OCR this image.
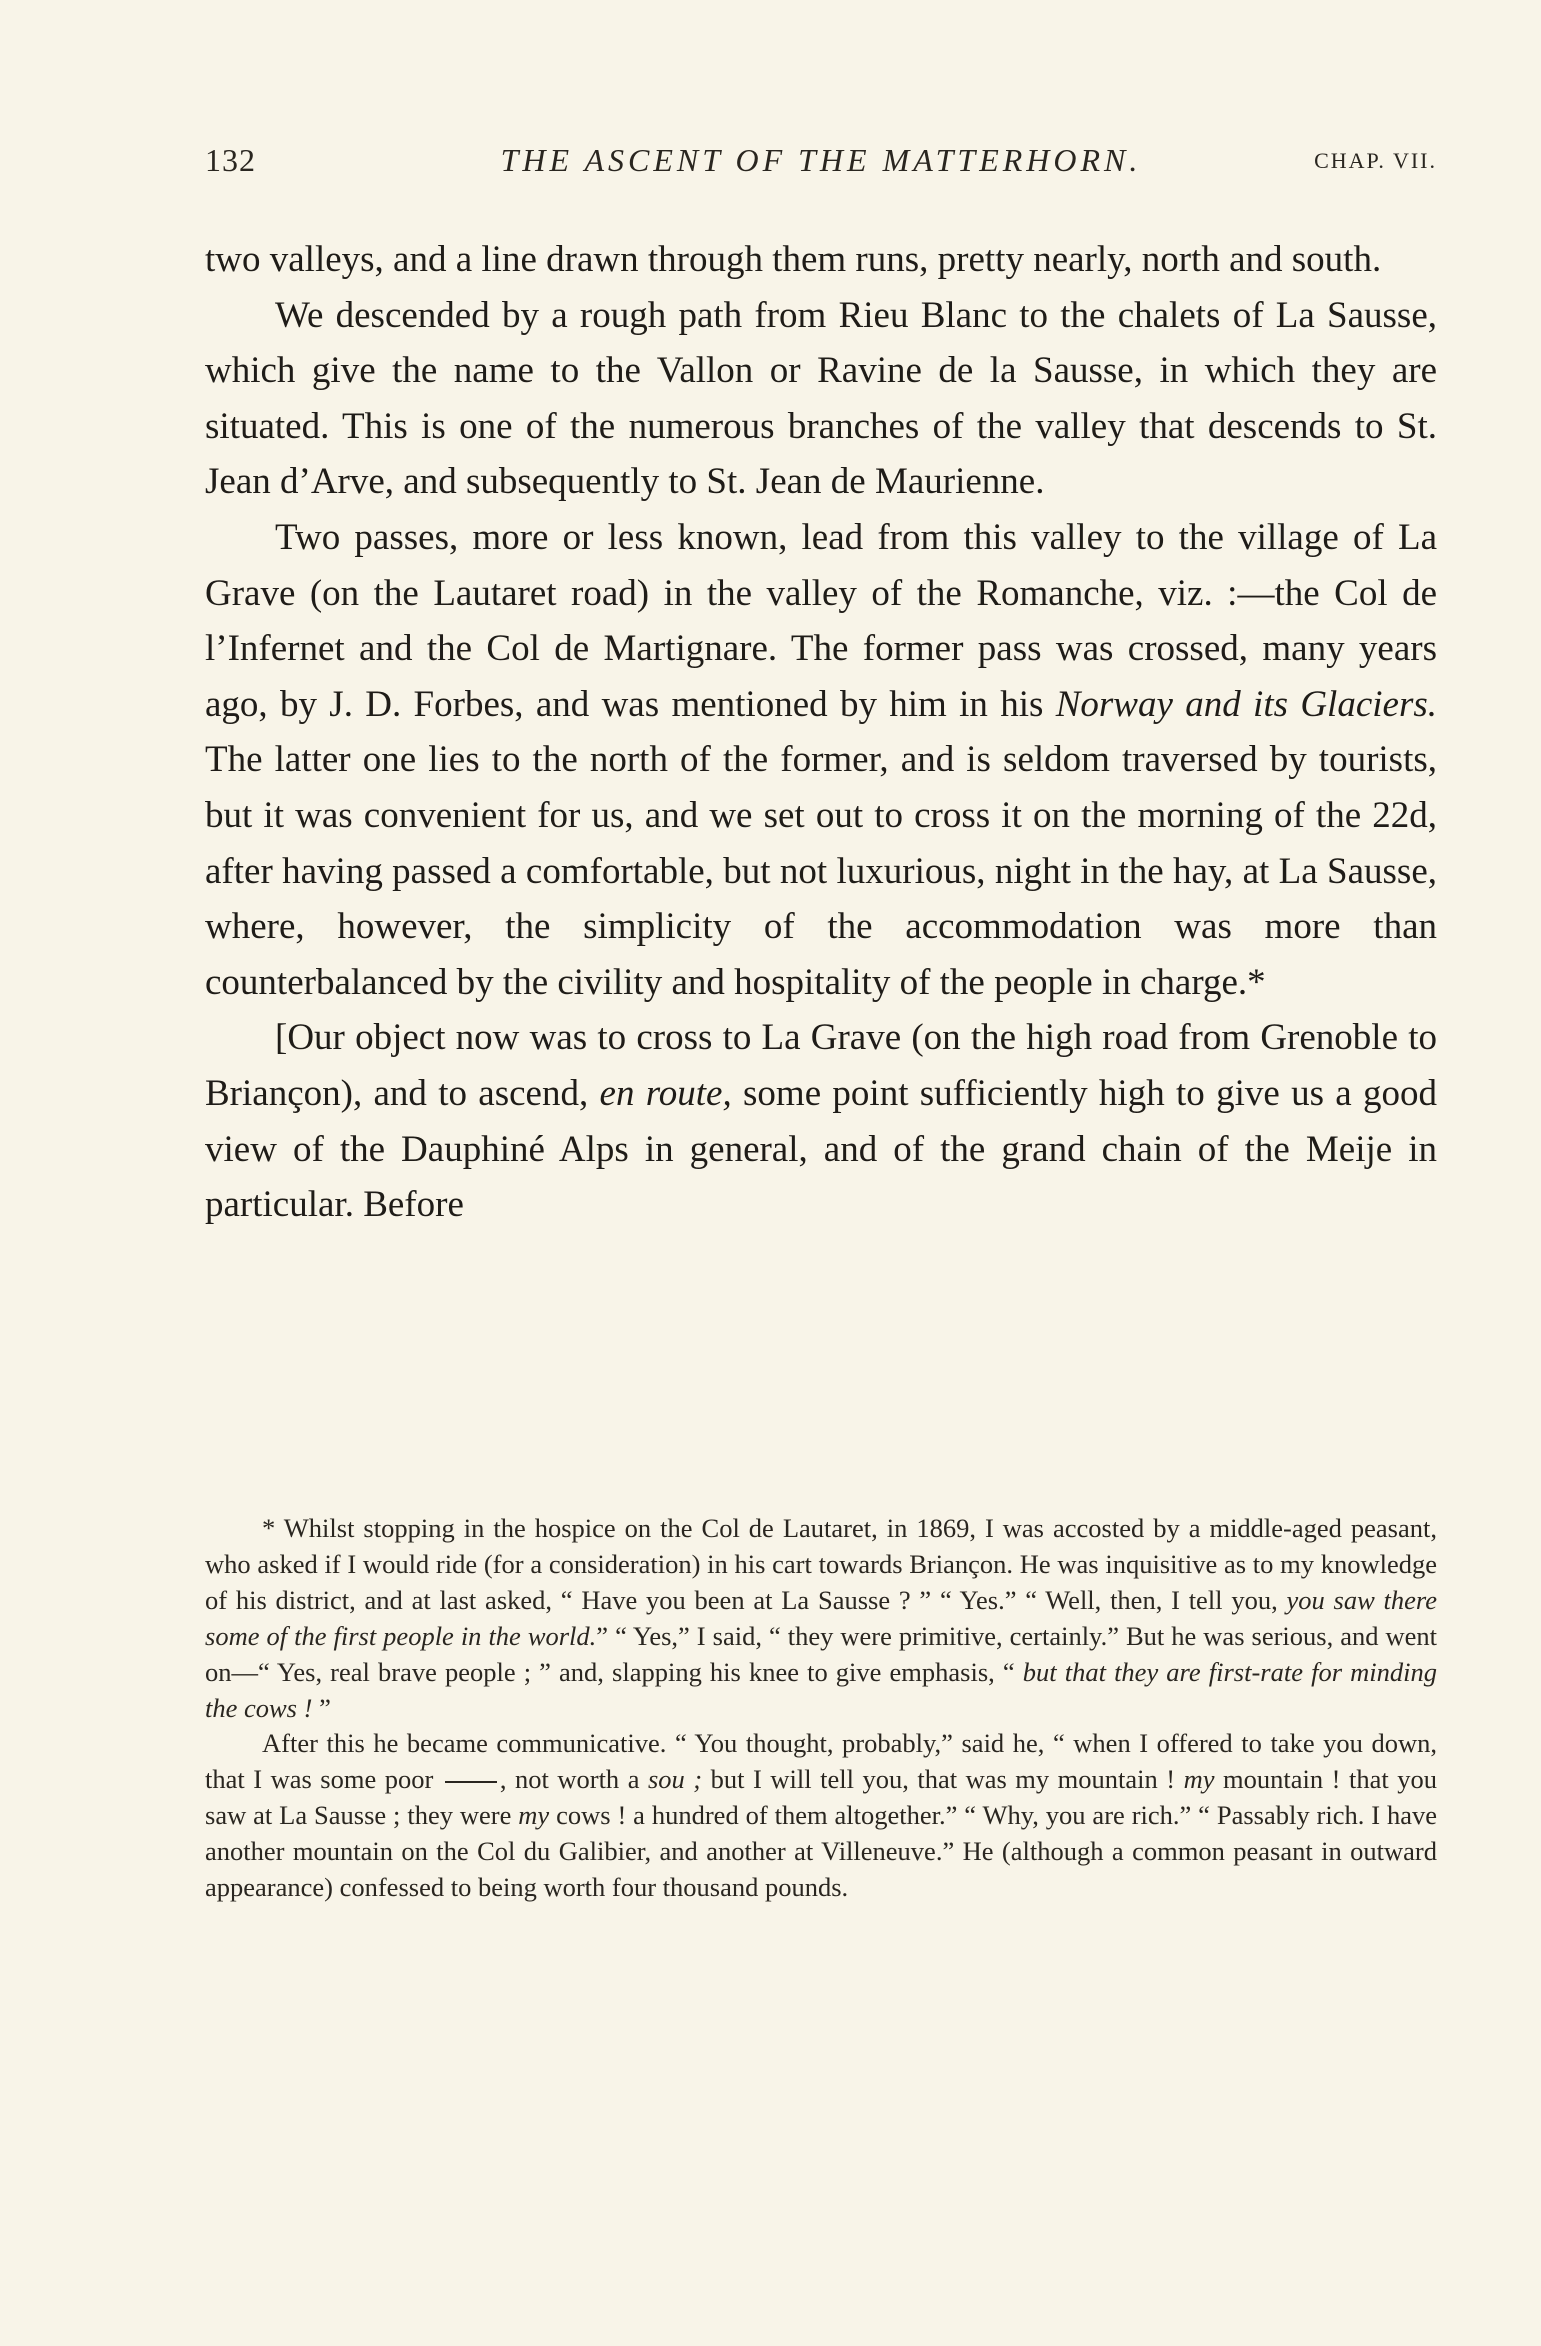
132	THE ASCENT OF THE MATTERHORN.	CHAP. VII.

two valleys, and a line drawn through them runs, pretty nearly, north and south.

We descended by a rough path from Rieu Blanc to the chalets of La Sausse, which give the name to the Vallon or Ravine de la Sausse, in which they are situated. This is one of the numerous branches of the valley that descends to St. Jean d’Arve, and subsequently to St. Jean de Maurienne.

Two passes, more or less known, lead from this valley to the village of La Grave (on the Lautaret road) in the valley of the Romanche, viz. :—the Col de l’Infernet and the Col de Martignare. The former pass was crossed, many years ago, by J. D. Forbes, and was mentioned by him in his Norway and its Glaciers. The latter one lies to the north of the former, and is seldom traversed by tourists, but it was convenient for us, and we set out to cross it on the morning of the 22d, after having passed a comfortable, but not luxurious, night in the hay, at La Sausse, where, however, the simplicity of the accommodation was more than counterbalanced by the civility and hospitality of the people in charge.*

[Our object now was to cross to La Grave (on the high road from Grenoble to Briançon), and to ascend, en route, some point sufficiently high to give us a good view of the Dauphiné Alps in general, and of the grand chain of the Meije in particular. Before

* Whilst stopping in the hospice on the Col de Lautaret, in 1869, I was accosted by a middle-aged peasant, who asked if I would ride (for a consideration) in his cart towards Briançon. He was inquisitive as to my knowledge of his district, and at last asked, “ Have you been at La Sausse ? ” “ Yes.” “ Well, then, I tell you, you saw there some of the first people in the world.” “ Yes,” I said, “ they were primitive, certainly.” But he was serious, and went on—“ Yes, real brave people ; ” and, slapping his knee to give emphasis, “ but that they are first-rate for minding the cows ! ”

After this he became communicative. “ You thought, probably,” said he, “ when I offered to take you down, that I was some poor , not worth a sou ; but I will tell you, that was my mountain ! my mountain ! that you saw at La Sausse ; they were my cows ! a hundred of them altogether.” “ Why, you are rich.” “ Passably rich. I have another mountain on the Col du Galibier, and another at Villeneuve.” He (although a common peasant in outward appearance) confessed to being worth four thousand pounds.
